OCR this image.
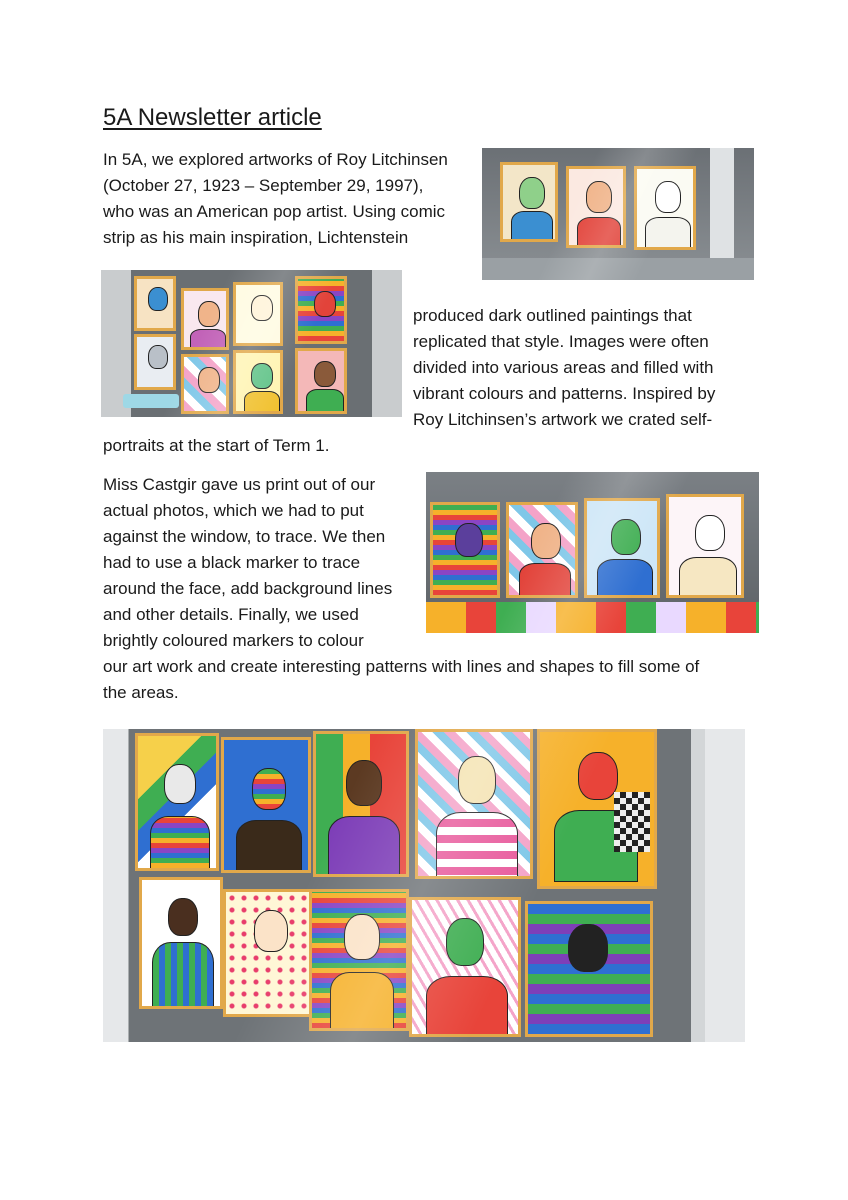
5A Newsletter article
In 5A, we explored artworks of Roy Litchinsen
(October 27, 1923 – September 29, 1997),
who was an American pop artist. Using comic
strip as his main inspiration, Lichtenstein
produced dark outlined paintings that
replicated that style. Images were often
divided into various areas and filled with
vibrant colours and patterns. Inspired by
Roy Litchinsen’s artwork we crated self-
portraits at the start of Term 1.
Miss Castgir gave us print out of our
actual photos, which we had to put
against the window, to trace. We then
had to use a black marker to trace
around the face, add background lines
and other details. Finally, we used
brightly coloured markers to colour
our art work and create interesting patterns with lines and shapes to fill some of
the areas.
